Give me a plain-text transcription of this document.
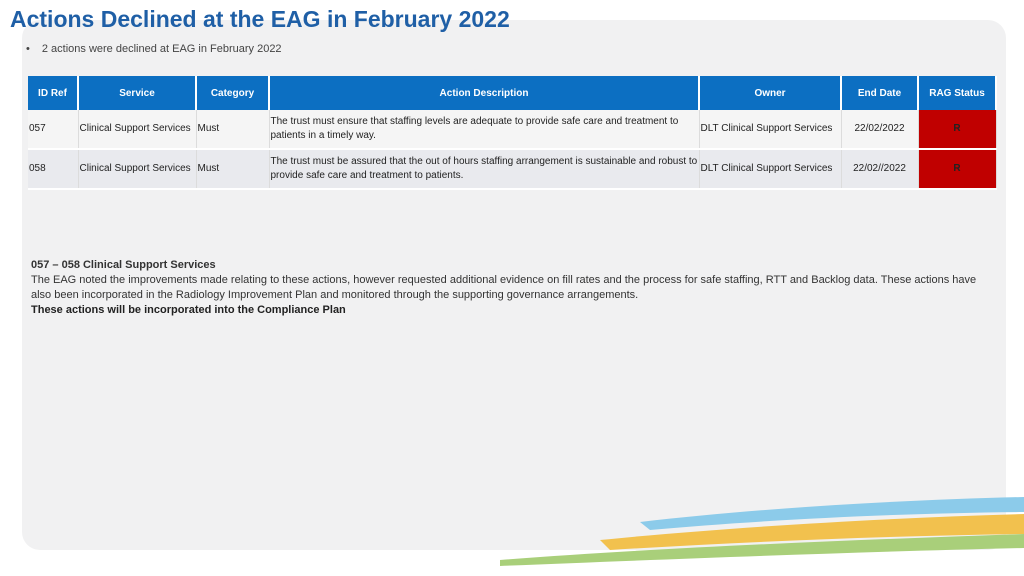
Actions Declined at the EAG in February 2022
• 2 actions were declined at EAG in February 2022
ID Ref	Service	Category	Action Description	Owner	End Date	RAG Status
057	Clinical Support Services	Must	The trust must ensure that staffing levels are adequate to provide safe care and treatment to patients in a timely way.	DLT Clinical Support Services	22/02/2022	R
058	Clinical Support Services	Must	The trust must be assured that the out of hours staffing arrangement is sustainable and robust to provide safe care and treatment to patients.	DLT Clinical Support Services	22/02//2022	R
057 – 058 Clinical Support Services
The EAG noted the improvements made relating to these actions, however requested additional evidence on fill rates and the process for safe staffing, RTT and Backlog data. These actions have also been incorporated in the Radiology Improvement Plan and monitored through the supporting governance arrangements.
These actions will be incorporated into the Compliance Plan
